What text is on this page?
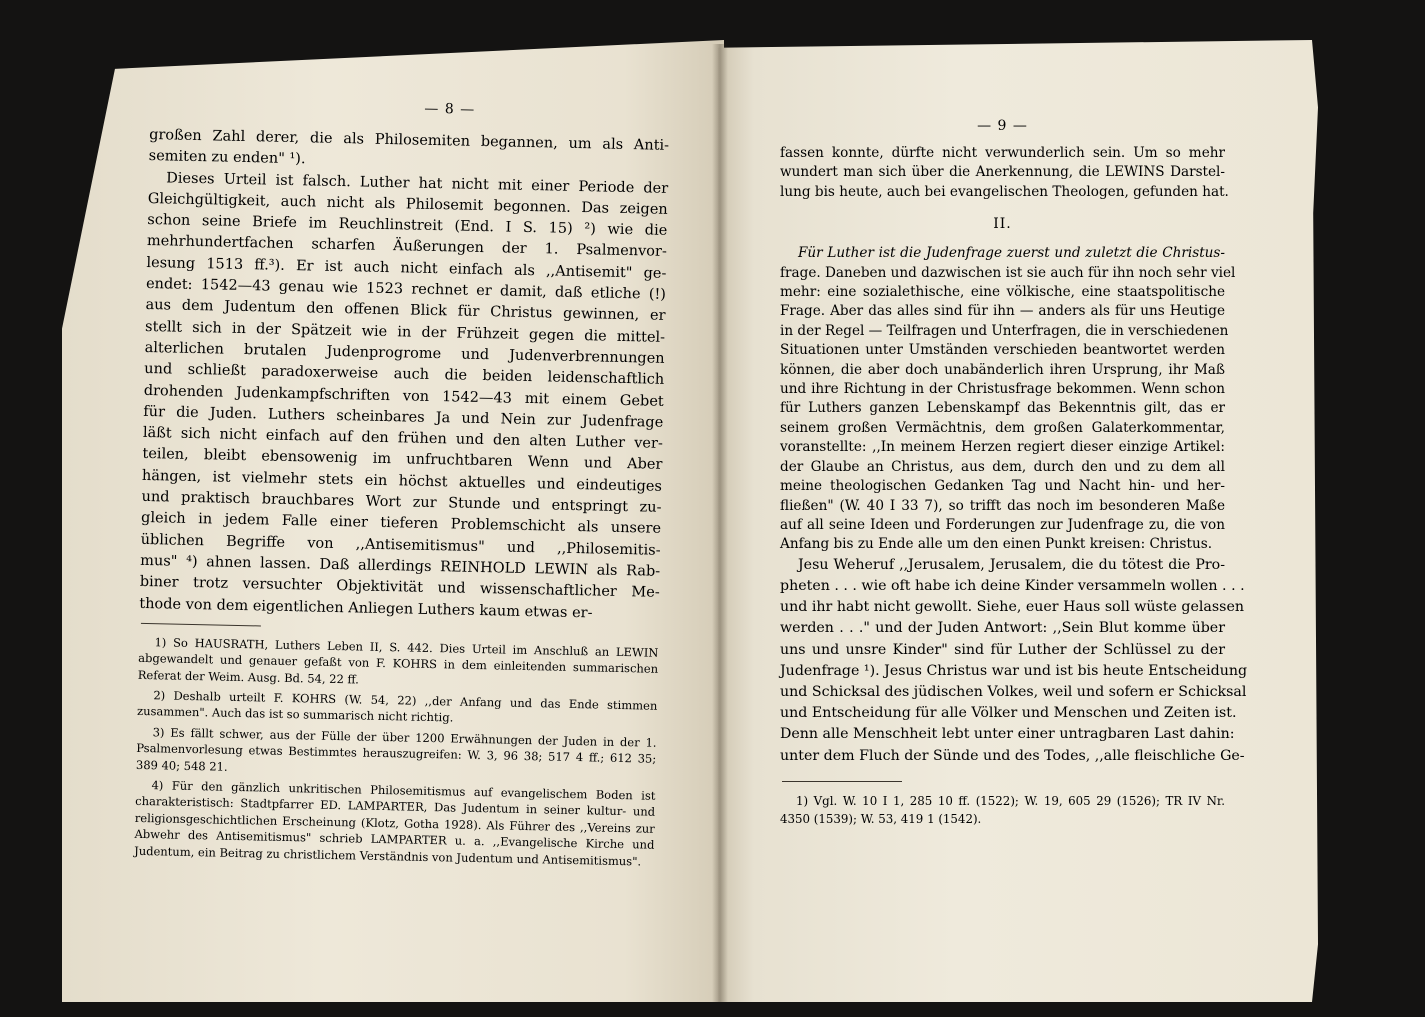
— 8 —
großen Zahl derer, die als Philosemiten begannen, um als Anti-
semiten zu enden" ¹).
Dieses Urteil ist falsch. Luther hat nicht mit einer Periode der
Gleichgültigkeit, auch nicht als Philosemit begonnen. Das zeigen
schon seine Briefe im Reuchlinstreit (End. I S. 15) ²) wie die
mehrhundertfachen scharfen Äußerungen der 1. Psalmenvor-
lesung 1513 ff.³). Er ist auch nicht einfach als ,,Antisemit" ge-
endet: 1542—43 genau wie 1523 rechnet er damit, daß etliche (!)
aus dem Judentum den offenen Blick für Christus gewinnen, er
stellt sich in der Spätzeit wie in der Frühzeit gegen die mittel-
alterlichen brutalen Judenprogrome und Judenverbrennungen
und schließt paradoxerweise auch die beiden leidenschaftlich
drohenden Judenkampfschriften von 1542—43 mit einem Gebet
für die Juden. Luthers scheinbares Ja und Nein zur Judenfrage
läßt sich nicht einfach auf den frühen und den alten Luther ver-
teilen, bleibt ebensowenig im unfruchtbaren Wenn und Aber
hängen, ist vielmehr stets ein höchst aktuelles und eindeutiges
und praktisch brauchbares Wort zur Stunde und entspringt zu-
gleich in jedem Falle einer tieferen Problemschicht als unsere
üblichen Begriffe von ,,Antisemitismus" und ,,Philosemitis-
mus" ⁴) ahnen lassen. Daß allerdings REINHOLD LEWIN als Rab-
biner trotz versuchter Objektivität und wissenschaftlicher Me-
thode von dem eigentlichen Anliegen Luthers kaum etwas er-

1) So HAUSRATH, Luthers Leben II, S. 442. Dies Urteil im Anschluß an LEWIN abgewandelt und genauer gefaßt von F. KOHRS in dem einleitenden summarischen Referat der Weim. Ausg. Bd. 54, 22 ff.

2) Deshalb urteilt F. KOHRS (W. 54, 22) ,,der Anfang und das Ende stimmen zusammen". Auch das ist so summarisch nicht richtig.

3) Es fällt schwer, aus der Fülle der über 1200 Erwähnungen der Juden in der 1. Psalmenvorlesung etwas Bestimmtes herauszugreifen: W. 3, 96 38; 517 4 ff.; 612 35; 389 40; 548 21.

4) Für den gänzlich unkritischen Philosemitismus auf evangelischem Boden ist charakteristisch: Stadtpfarrer ED. LAMPARTER, Das Judentum in seiner kultur- und religionsgeschichtlichen Erscheinung (Klotz, Gotha 1928). Als Führer des ,,Vereins zur Abwehr des Antisemitismus" schrieb LAMPARTER u. a. ,,Evangelische Kirche und Judentum, ein Beitrag zu christlichem Verständnis von Judentum und Antisemitismus".

— 9 —
fassen konnte, dürfte nicht verwunderlich sein. Um so mehr
wundert man sich über die Anerkennung, die LEWINS Darstel-
lung bis heute, auch bei evangelischen Theologen, gefunden hat.
II.
Für Luther ist die Judenfrage zuerst und zuletzt die Christus-
frage. Daneben und dazwischen ist sie auch für ihn noch sehr viel
mehr: eine sozialethische, eine völkische, eine staatspolitische
Frage. Aber das alles sind für ihn — anders als für uns Heutige
in der Regel — Teilfragen und Unterfragen, die in verschiedenen
Situationen unter Umständen verschieden beantwortet werden
können, die aber doch unabänderlich ihren Ursprung, ihr Maß
und ihre Richtung in der Christusfrage bekommen. Wenn schon
für Luthers ganzen Lebenskampf das Bekenntnis gilt, das er
seinem großen Vermächtnis, dem großen Galaterkommentar,
voranstellte: ,,In meinem Herzen regiert dieser einzige Artikel:
der Glaube an Christus, aus dem, durch den und zu dem all
meine theologischen Gedanken Tag und Nacht hin- und her-
fließen" (W. 40 I 33 7), so trifft das noch im besonderen Maße
auf all seine Ideen und Forderungen zur Judenfrage zu, die von
Anfang bis zu Ende alle um den einen Punkt kreisen: Christus.
Jesu Weheruf ,,Jerusalem, Jerusalem, die du tötest die Pro-
pheten . . . wie oft habe ich deine Kinder versammeln wollen . . .
und ihr habt nicht gewollt. Siehe, euer Haus soll wüste gelassen
werden . . ." und der Juden Antwort: ,,Sein Blut komme über
uns und unsre Kinder" sind für Luther der Schlüssel zu der
Judenfrage ¹). Jesus Christus war und ist bis heute Entscheidung
und Schicksal des jüdischen Volkes, weil und sofern er Schicksal
und Entscheidung für alle Völker und Menschen und Zeiten ist.
Denn alle Menschheit lebt unter einer untragbaren Last dahin:
unter dem Fluch der Sünde und des Todes, ,,alle fleischliche Ge-

1) Vgl. W. 10 I 1, 285 10 ff. (1522); W. 19, 605 29 (1526); TR IV Nr. 4350 (1539); W. 53, 419 1 (1542).
